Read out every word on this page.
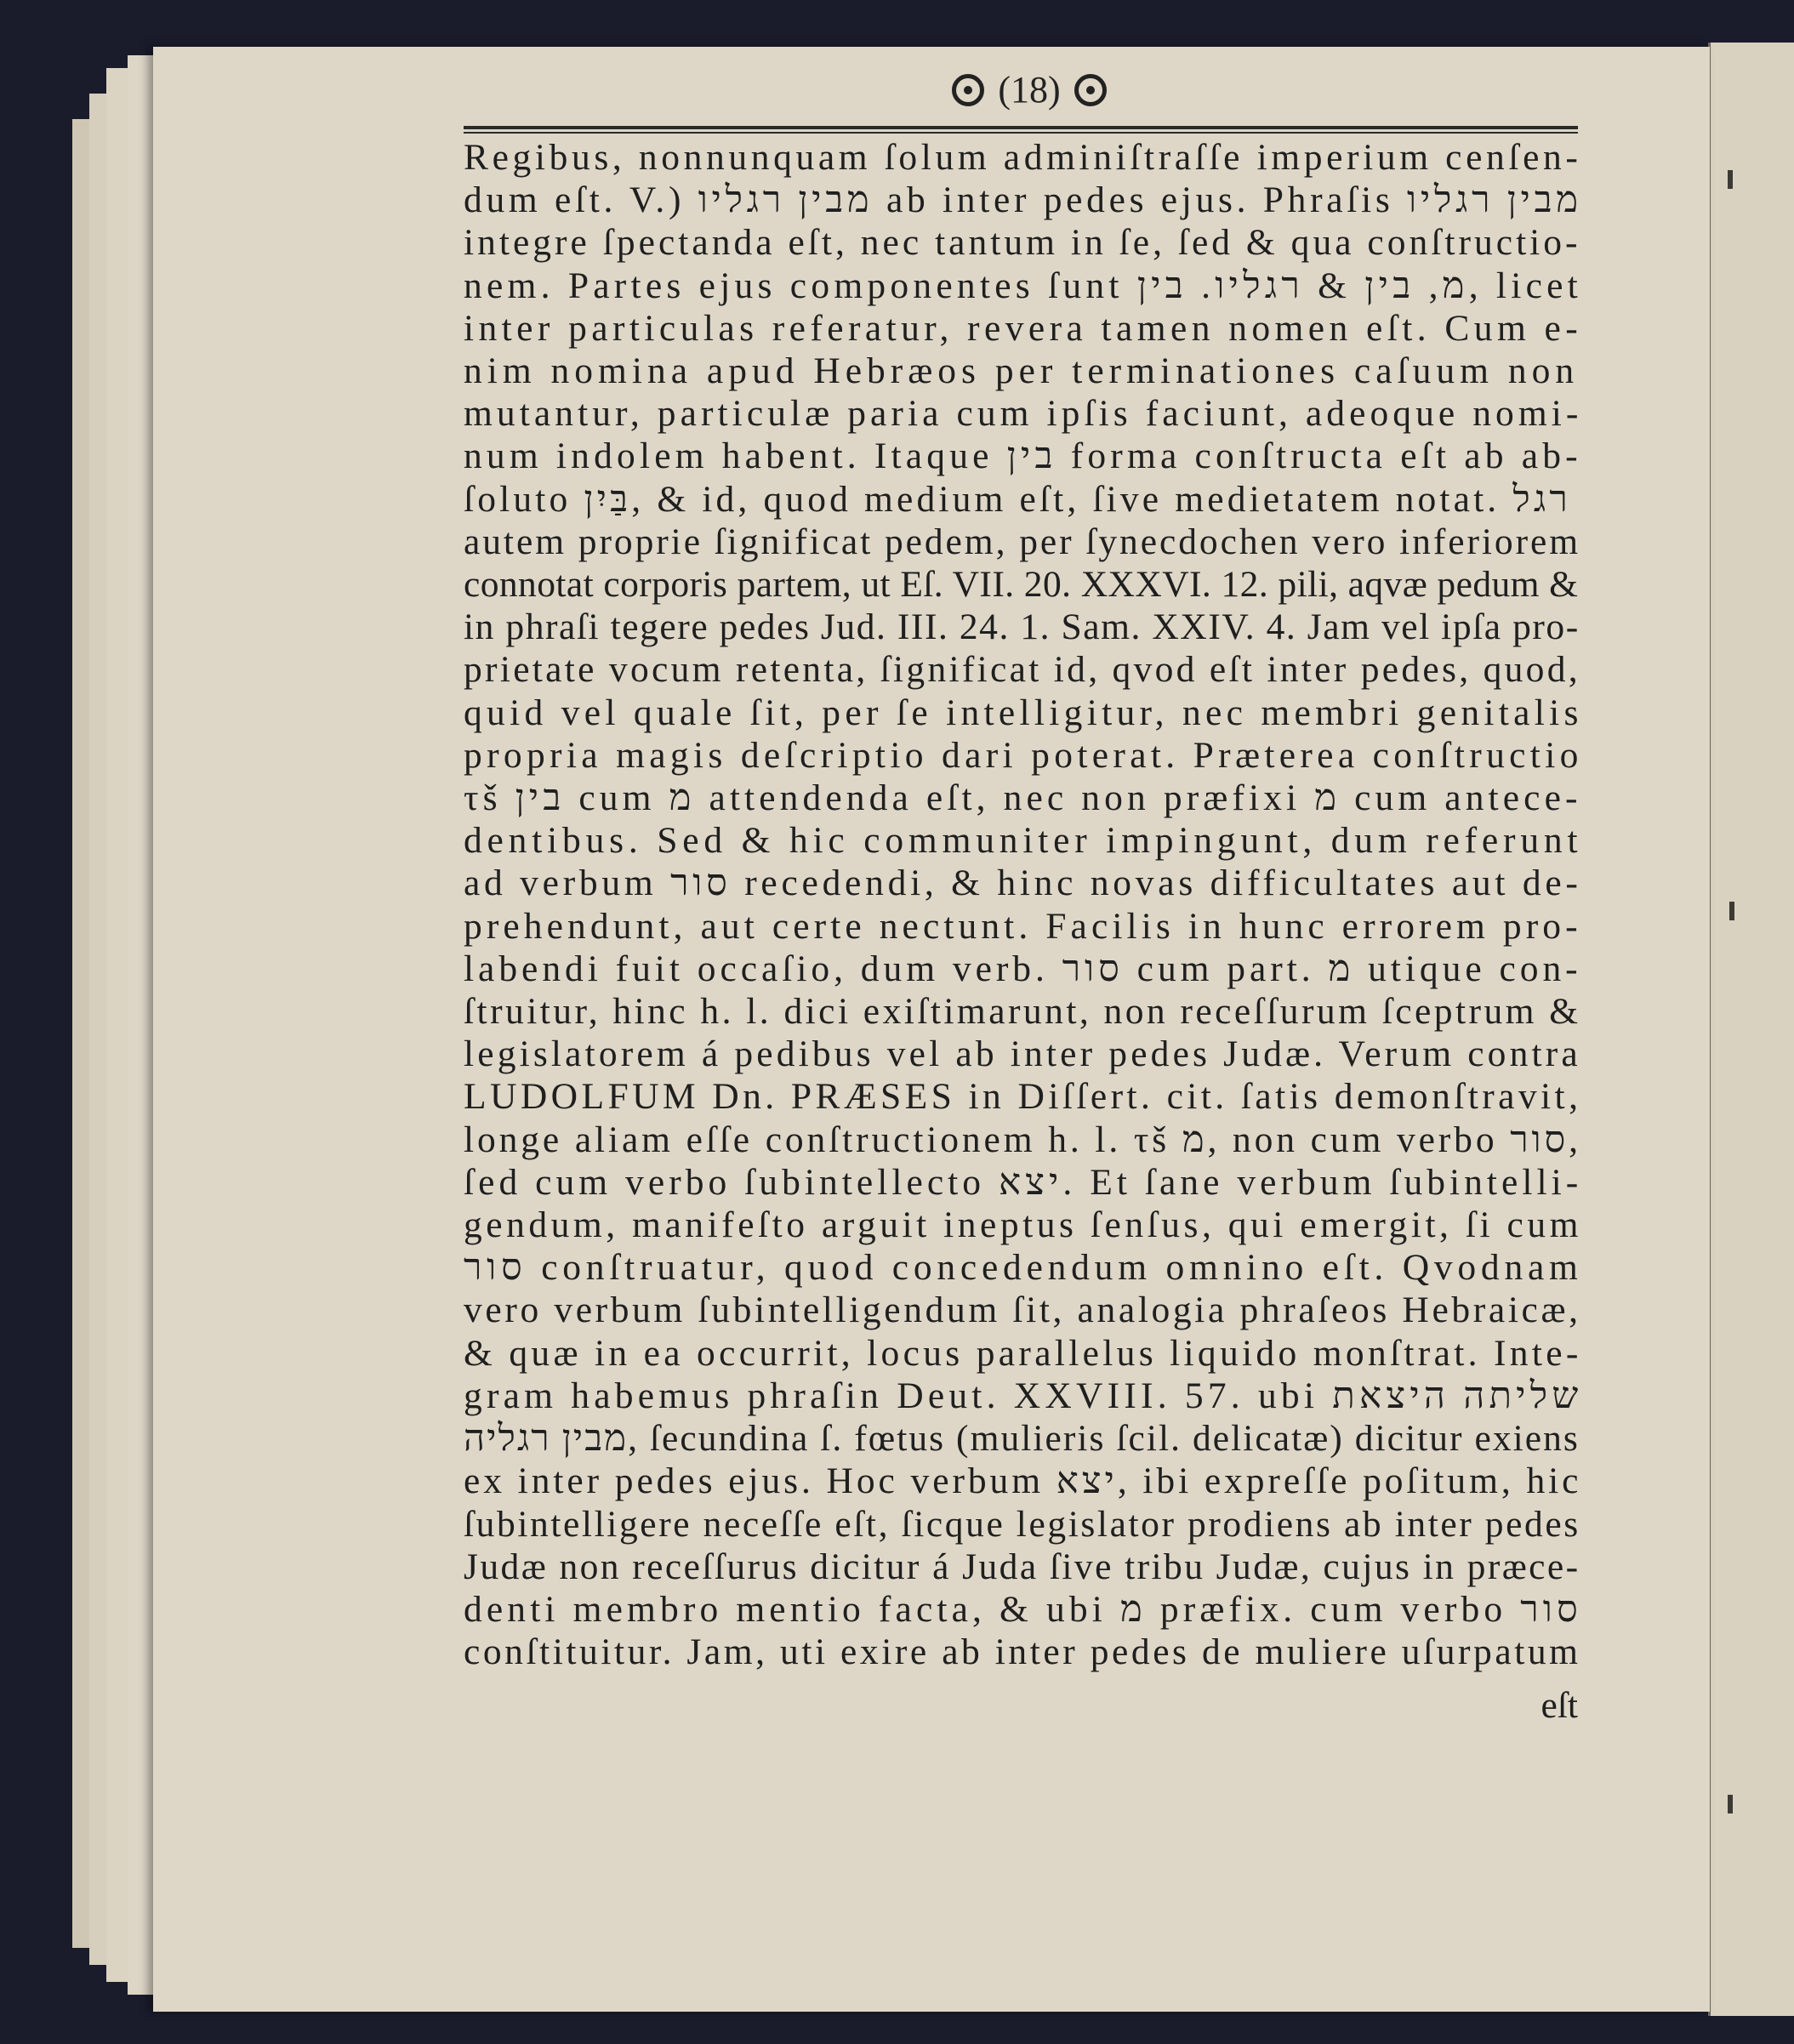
(18)
Regibus, nonnunquam ſolum adminiſtraſſe imperium cenſen-
dum eſt. V.) מבין רגליו ab inter pedes ejus. Phraſis מבין רגליו
integre ſpectanda eſt, nec tantum in ſe, ſed & qua conſtructio-
nem. Partes ejus componentes ſunt מ, בין & רגליו. בין, licet
inter particulas referatur, revera tamen nomen eſt. Cum e-
nim nomina apud Hebræos per terminationes caſuum non
mutantur, particulæ paria cum ipſis faciunt, adeoque nomi-
num indolem habent. Itaque בין forma conſtructa eſt ab ab-
ſoluto בַּיִן, & id, quod medium eſt, ſive medietatem notat. רגל
autem proprie ſignificat pedem, per ſynecdochen vero inferiorem
connotat corporis partem, ut Eſ. VII. 20. XXXVI. 12. pili, aqvæ pedum &
in phraſi tegere pedes Jud. III. 24. 1. Sam. XXIV. 4. Jam vel ipſa pro-
prietate vocum retenta, ſignificat id, qvod eſt inter pedes, quod,
quid vel quale ſit, per ſe intelligitur, nec membri genitalis
propria magis deſcriptio dari poterat. Præterea conſtructio
τš בין cum מ attendenda eſt, nec non præfixi מ cum antece-
dentibus. Sed & hic communiter impingunt, dum referunt
ad verbum סור recedendi, & hinc novas difficultates aut de-
prehendunt, aut certe nectunt. Facilis in hunc errorem pro-
labendi fuit occaſio, dum verb. סור cum part. מ utique con-
ſtruitur, hinc h. l. dici exiſtimarunt, non receſſurum ſceptrum &
legislatorem á pedibus vel ab inter pedes Judæ. Verum contra
LUDOLFUM Dn. PRÆSES in Diſſert. cit. ſatis demonſtravit,
longe aliam eſſe conſtructionem h. l. τš מ, non cum verbo סור,
ſed cum verbo ſubintellecto יצא. Et ſane verbum ſubintelli-
gendum, manifeſto arguit ineptus ſenſus, qui emergit, ſi cum
סור conſtruatur, quod concedendum omnino eſt. Qvodnam
vero verbum ſubintelligendum ſit, analogia phraſeos Hebraicæ,
& quæ in ea occurrit, locus parallelus liquido monſtrat. Inte-
gram habemus phraſin Deut. XXVIII. 57. ubi שליתה היצאת
מבין רגליה, ſecundina ſ. fœtus (mulieris ſcil. delicatæ) dicitur exiens
ex inter pedes ejus. Hoc verbum יצא, ibi expreſſe poſitum, hic
ſubintelligere neceſſe eſt, ſicque legislator prodiens ab inter pedes
Judæ non receſſurus dicitur á Juda ſive tribu Judæ, cujus in præce-
denti membro mentio facta, & ubi מ præfix. cum verbo סור
conſtituitur. Jam, uti exire ab inter pedes de muliere uſurpatum
eſt
